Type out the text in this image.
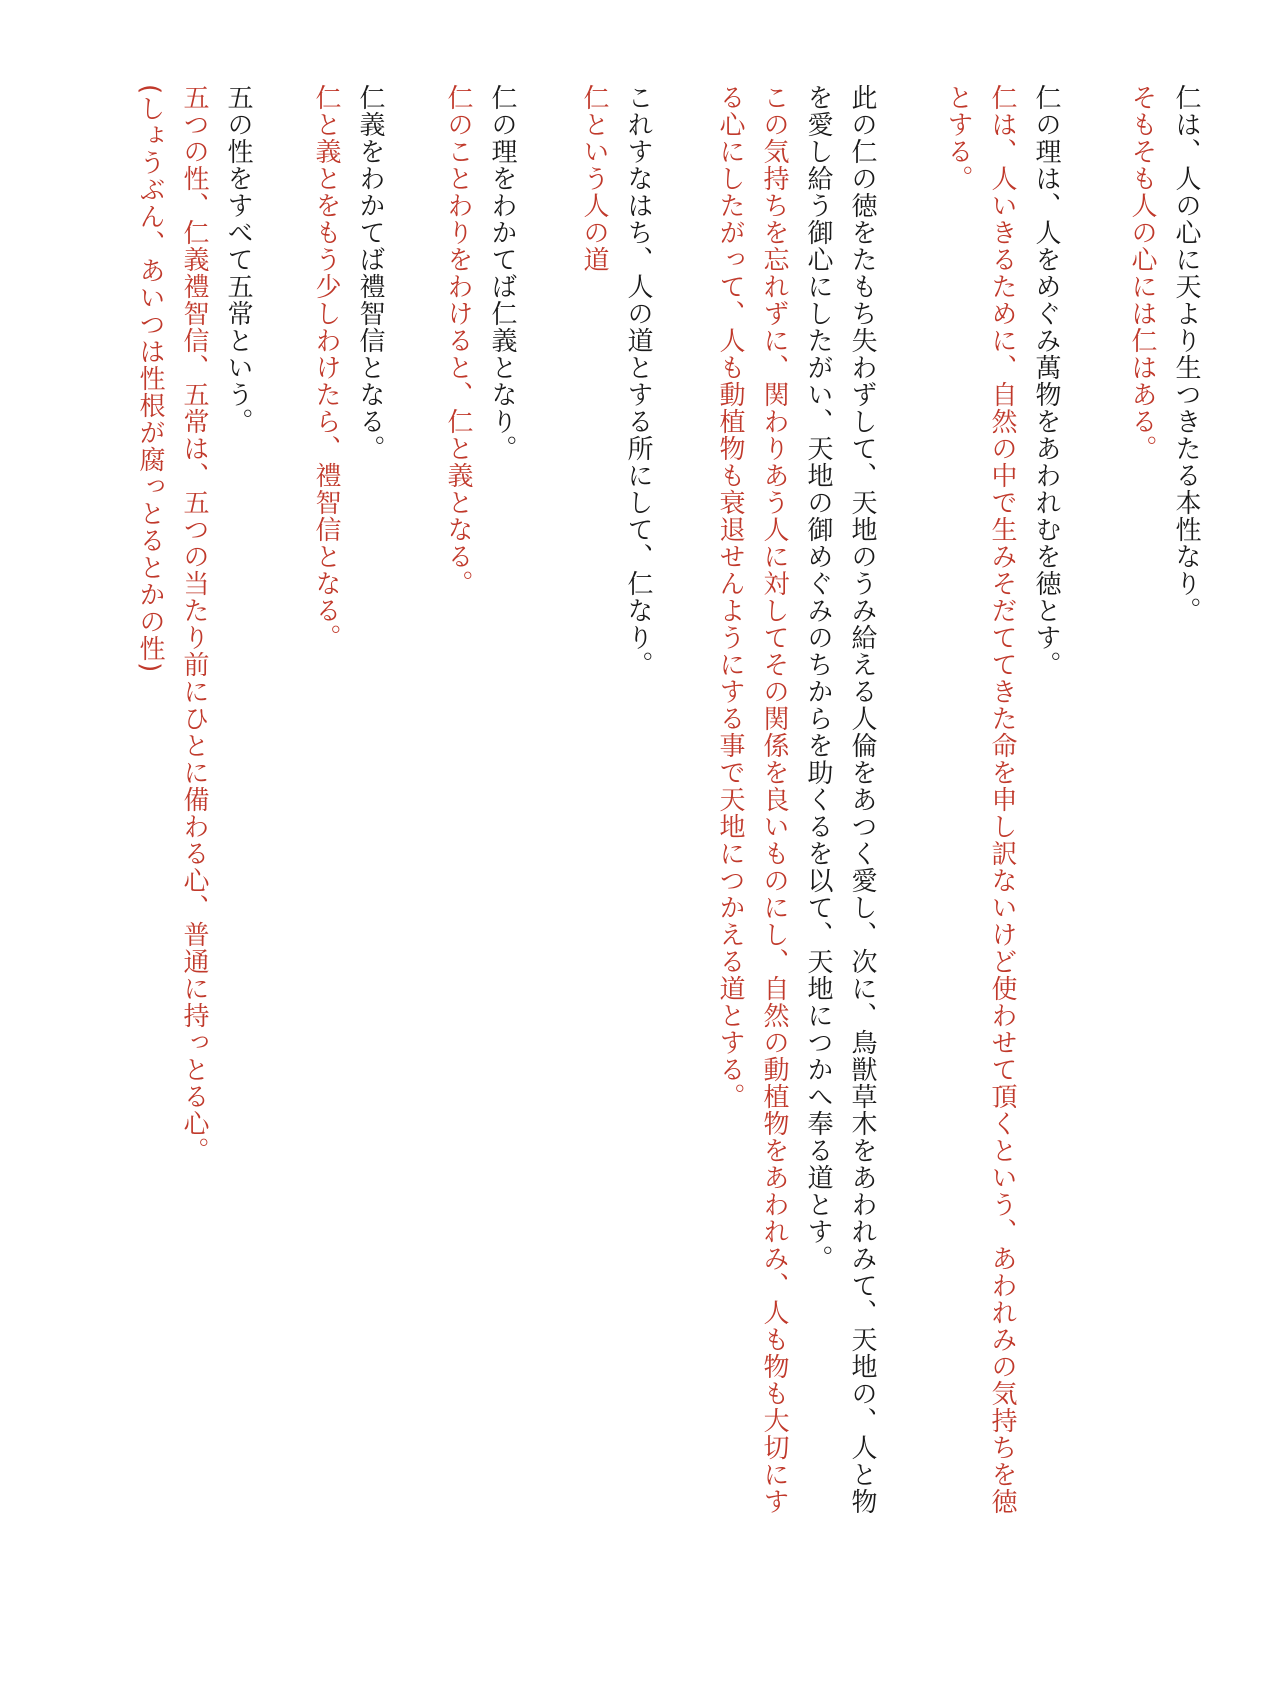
仁は、人の心に天より生つきたる本性なり。

そもそも人の心には仁はある。

仁の理は、人をめぐみ萬物をあわれむを徳とす。

仁は、人いきるために、自然の中で生みそだててきた命を申し訳ないけど使わせて頂くという、あわれみの気持ちを徳

とする。

此の仁の徳をたもち失わずして、天地のうみ給える人倫をあつく愛し、次に、鳥獣草木をあわれみて、天地の、人と物

を愛し給う御心にしたがい、天地の御めぐみのちからを助くるを以て、天地につかへ奉る道とす。

この気持ちを忘れずに、関わりあう人に対してその関係を良いものにし、自然の動植物をあわれみ、人も物も大切にす

る心にしたがって、人も動植物も衰退せんようにする事で天地につかえる道とする。

これすなはち、人の道とする所にして、仁なり。

仁という人の道

仁の理をわかてば仁義となり。

仁のことわりをわけると、仁と義となる。

仁義をわかてば禮智信となる。

仁と義とをもう少しわけたら、禮智信となる。

五の性をすべて五常という。

五つの性、仁義禮智信、五常は、五つの当たり前にひとに備わる心、普通に持っとる心。

(しょうぶん、あいつは性根が腐っとるとかの性)
